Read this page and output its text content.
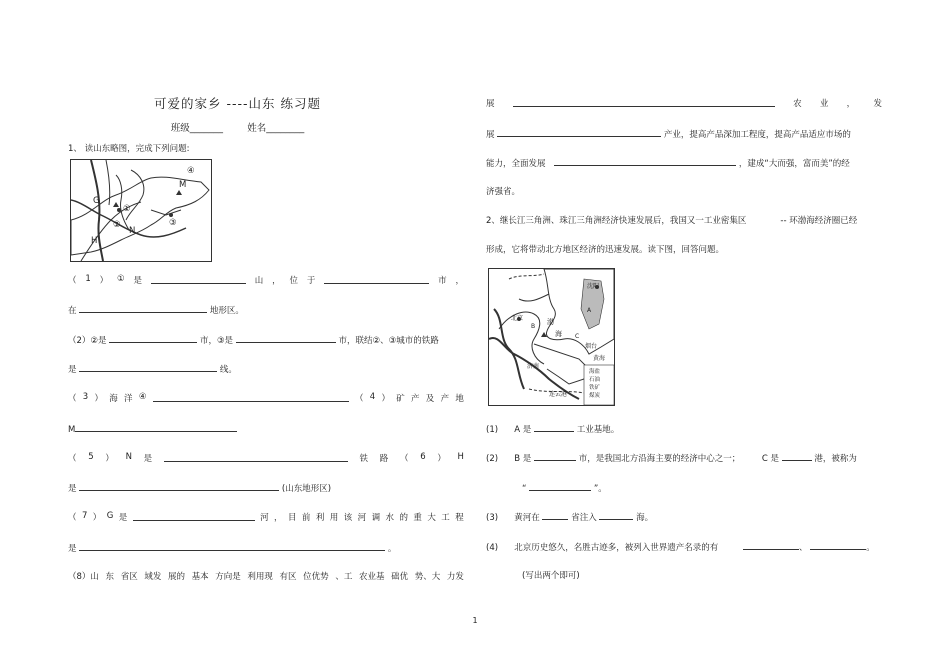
可爱的家乡 ----山东 练习题
班级_______	姓名________
1、 读山东略图，完成下列问题:
④
M
G
①
②	③
N
H
（ 1 ） ① 是	山 ， 位 于	市 ，
在	地形区。
（2）②是	市，③是	市，联结②、③城市的铁路
是	线。
（ 3 ） 海 洋 ④	（ 4 ） 矿 产 及 产 地
M
（ 5 ） N 是	铁 路 （ 6 ） H
是	(山东地形区)
（ 7 ） G 是	河 ， 目 前 利 用 该 河 调 水 的 重 大 工 程
是	。
（8）山 东 省区 域发 展的 基本 方向是 利用现 有区 位优势 、工 农业基 础优 势、大 力发
展	农 业 ， 发
展	产业，提高产品深加工程度，提高产品适应市场的
能力，全面发展	，建成“大而强，富而美”的经
济强省。
2、继长江三角洲、珠江三角洲经济快速发展后，我国又一工业密集区	-- 环渤海经济圈已经
形成，它将带动北方地区经济的迅速发展。读下图，回答问题。
沈阳
A
北京	渤
海
B
C
烟台
黄海
济南
连云港
海盐
石油
铁矿
煤炭
(1) A 是	工业基地。
(2) B 是	市，是我国北方沿海主要的经济中心之一；	C 是	港，被称为
“	”。
(3) 黄河在	省注入	海。
(4) 北京历史悠久，名胜古迹多，被列入世界遗产名录的有	、	。
(写出两个即可)
1
